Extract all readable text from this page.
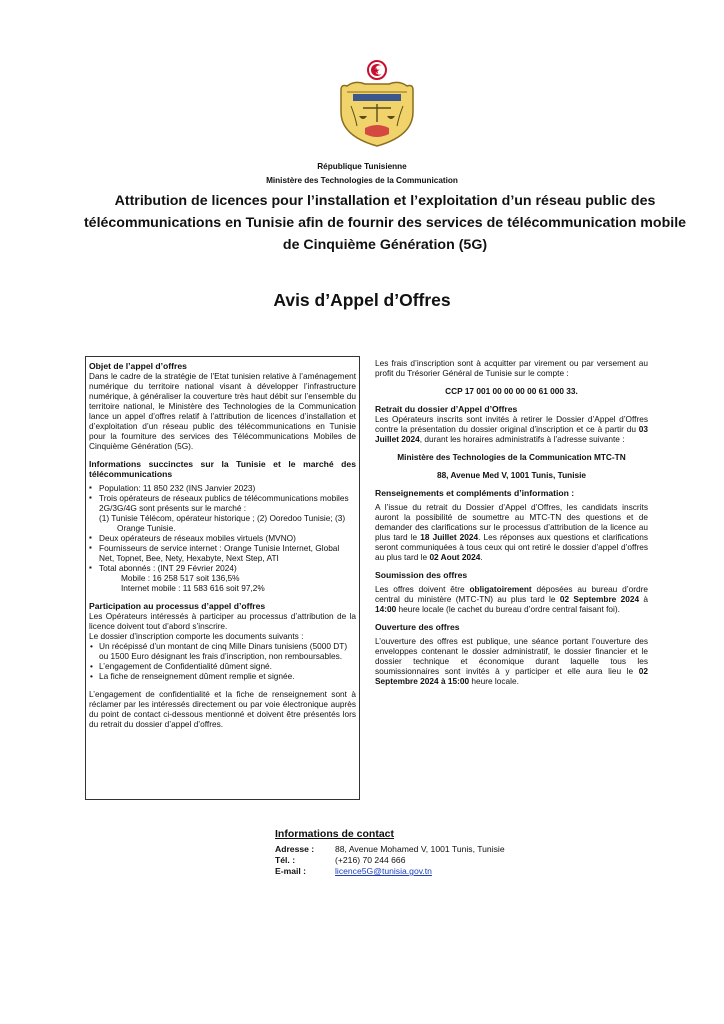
République Tunisienne
Ministère des Technologies de la Communication
Attribution de licences pour l’installation et l’exploitation d’un réseau public des télécommunications en Tunisie afin de fournir des services de télécommunication mobile de Cinquième Génération (5G)
Avis d’Appel d’Offres

Objet de l’appel d’offres

Dans le cadre de la stratégie de l’Etat tunisien relative à l’aménagement numérique du territoire national visant à développer l’infrastructure numérique, à généraliser la couverture très haut débit sur l’ensemble du territoire national, le Ministère des Technologies de la Communication lance un appel d’offres relatif à l’attribution de licences d’installation et d’exploitation d’un réseau public des télécommunications en Tunisie pour la fourniture des services des Télécommunications Mobiles de Cinquième Génération (5G).

Informations succinctes sur la Tunisie et le marché des télécommunications

▪ Population: 11 850 232 (INS Janvier 2023)
▪ Trois opérateurs de réseaux publics de télécommunications mobiles 2G/3G/4G sont présents sur le marché :
(1) Tunisie Télécom, opérateur historique ; (2) Ooredoo Tunisie; (3) Orange Tunisie.
▪ Deux opérateurs de réseaux mobiles virtuels (MVNO)
▪ Fournisseurs de service internet : Orange Tunisie Internet, Global Net, Topnet, Bee, Nety, Hexabyte, Next Step, ATI
▪ Total abonnés : (INT 29 Février 2024)
Mobile : 16 258 517 soit 136,5%
Internet mobile : 11 583 616 soit 97,2%

Participation au processus d’appel d’offres

Les Opérateurs intéressés à participer au processus d’attribution de la licence doivent tout d’abord s’inscrire.

Le dossier d’inscription comporte les documents suivants :

• Un récépissé d’un montant de cinq Mille Dinars tunisiens (5000 DT) ou 1500 Euro désignant les frais d’inscription, non remboursables.
• L’engagement de Confidentialité dûment signé.
• La fiche de renseignement dûment remplie et signée.

L’engagement de confidentialité et la fiche de renseignement sont à réclamer par les intéressés directement ou par voie électronique auprès du point de contact ci-dessous mentionné et doivent être présentés lors du retrait du dossier d’appel d’offres.

Les frais d’inscription sont à acquitter par virement ou par versement au profit du Trésorier Général de Tunisie sur le compte :

CCP 17 001 00 00 00 00 61 000 33.

Retrait du dossier d’Appel d’Offres

Les Opérateurs inscrits sont invités à retirer le Dossier d’Appel d’Offres contre la présentation du dossier original d’inscription et ce à partir du 03 Juillet 2024, durant les horaires administratifs à l’adresse suivante :

Ministère des Technologies de la Communication MTC-TN

88, Avenue Med V, 1001 Tunis, Tunisie

Renseignements et compléments d’information :

A l’issue du retrait du Dossier d’Appel d’Offres, les candidats inscrits auront la possibilité de soumettre au MTC-TN des questions et de demander des clarifications sur le processus d’attribution de la licence au plus tard le 18 Juillet 2024. Les réponses aux questions et clarifications seront communiquées à tous ceux qui ont retiré le dossier d’appel d’offres au plus tard le 02 Aout 2024.

Soumission des offres

Les offres doivent être obligatoirement déposées au bureau d’ordre central du ministère (MTC-TN) au plus tard le 02 Septembre 2024 à 14:00 heure locale (le cachet du bureau d’ordre central faisant foi).

Ouverture des offres

L’ouverture des offres est publique, une séance portant l’ouverture des enveloppes contenant le dossier administratif, le dossier financier et le dossier technique et économique durant laquelle tous les soumissionnaires sont invités à y participer et elle aura lieu le 02 Septembre 2024 à 15:00 heure locale.

Informations de contact
Adresse :	88, Avenue Mohamed V, 1001 Tunis, Tunisie
Tél. :	(+216) 70 244 666
E-mail :	licence5G@tunisia.gov.tn
